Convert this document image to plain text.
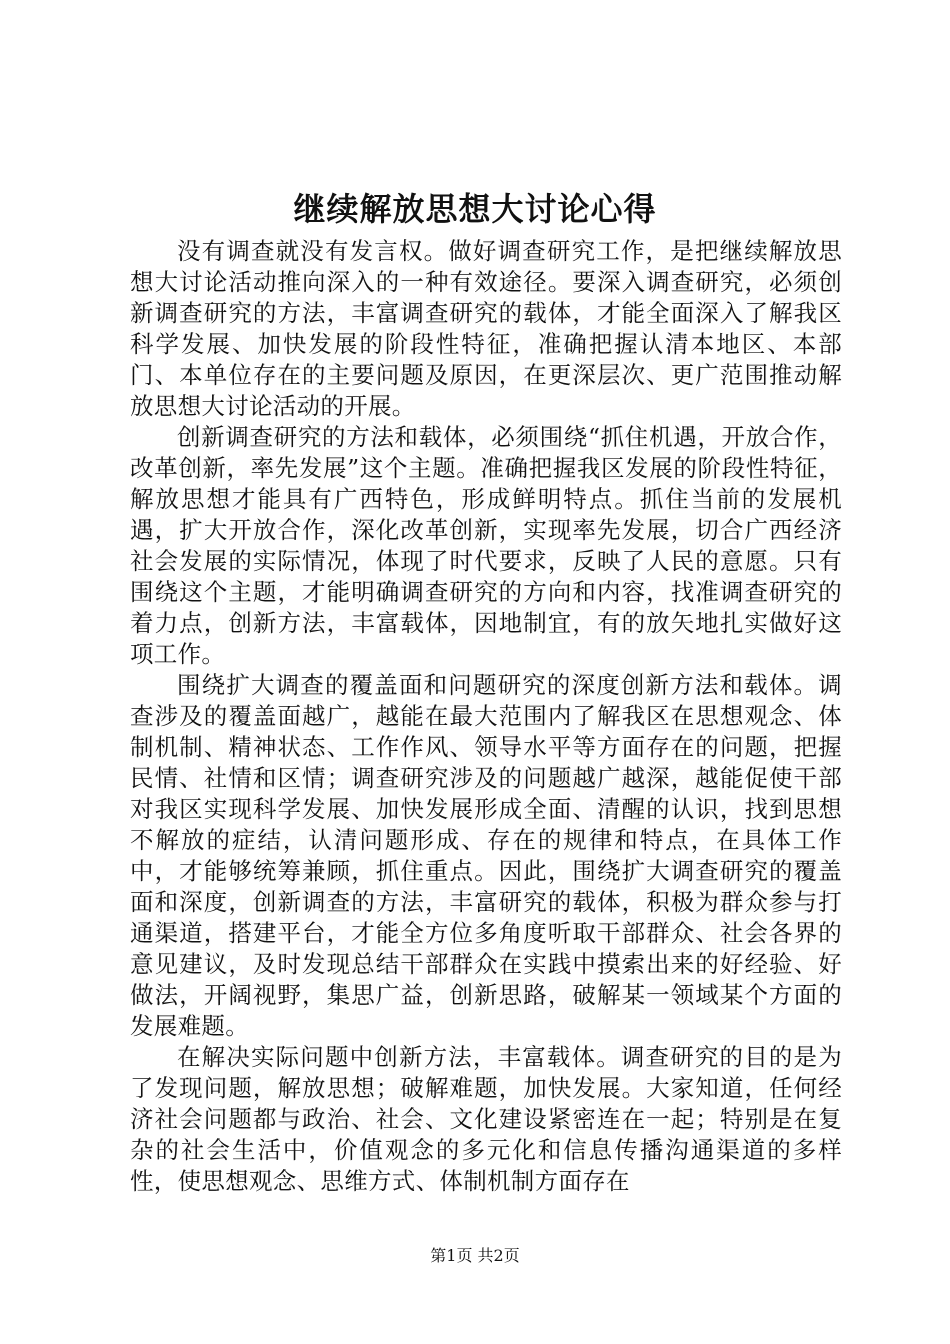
继续解放思想大讨论心得

没有调查就没有发言权。做好调查研究工作，是把继续解放思想大讨论活动推向深入的一种有效途径。要深入调查研究，必须创新调查研究的方法，丰富调查研究的载体，才能全面深入了解我区科学发展、加快发展的阶段性特征，准确把握认清本地区、本部门、本单位存在的主要问题及原因，在更深层次、更广范围推动解放思想大讨论活动的开展。

创新调查研究的方法和载体，必须围绕“抓住机遇，开放合作，改革创新，率先发展”这个主题。准确把握我区发展的阶段性特征，解放思想才能具有广西特色，形成鲜明特点。抓住当前的发展机遇，扩大开放合作，深化改革创新，实现率先发展，切合广西经济社会发展的实际情况，体现了时代要求，反映了人民的意愿。只有围绕这个主题，才能明确调查研究的方向和内容，找准调查研究的着力点，创新方法，丰富载体，因地制宜，有的放矢地扎实做好这项工作。

围绕扩大调查的覆盖面和问题研究的深度创新方法和载体。调查涉及的覆盖面越广，越能在最大范围内了解我区在思想观念、体制机制、精神状态、工作作风、领导水平等方面存在的问题，把握民情、社情和区情；调查研究涉及的问题越广越深，越能促使干部对我区实现科学发展、加快发展形成全面、清醒的认识，找到思想不解放的症结，认清问题形成、存在的规律和特点，在具体工作中，才能够统筹兼顾，抓住重点。因此，围绕扩大调查研究的覆盖面和深度，创新调查的方法，丰富研究的载体，积极为群众参与打通渠道，搭建平台，才能全方位多角度听取干部群众、社会各界的意见建议，及时发现总结干部群众在实践中摸索出来的好经验、好做法，开阔视野，集思广益，创新思路，破解某一领域某个方面的发展难题。

在解决实际问题中创新方法，丰富载体。调查研究的目的是为了发现问题，解放思想；破解难题，加快发展。大家知道，任何经济社会问题都与政治、社会、文化建设紧密连在一起；特别是在复杂的社会生活中，价值观念的多元化和信息传播沟通渠道的多样性，使思想观念、思维方式、体制机制方面存在

第1页 共2页
